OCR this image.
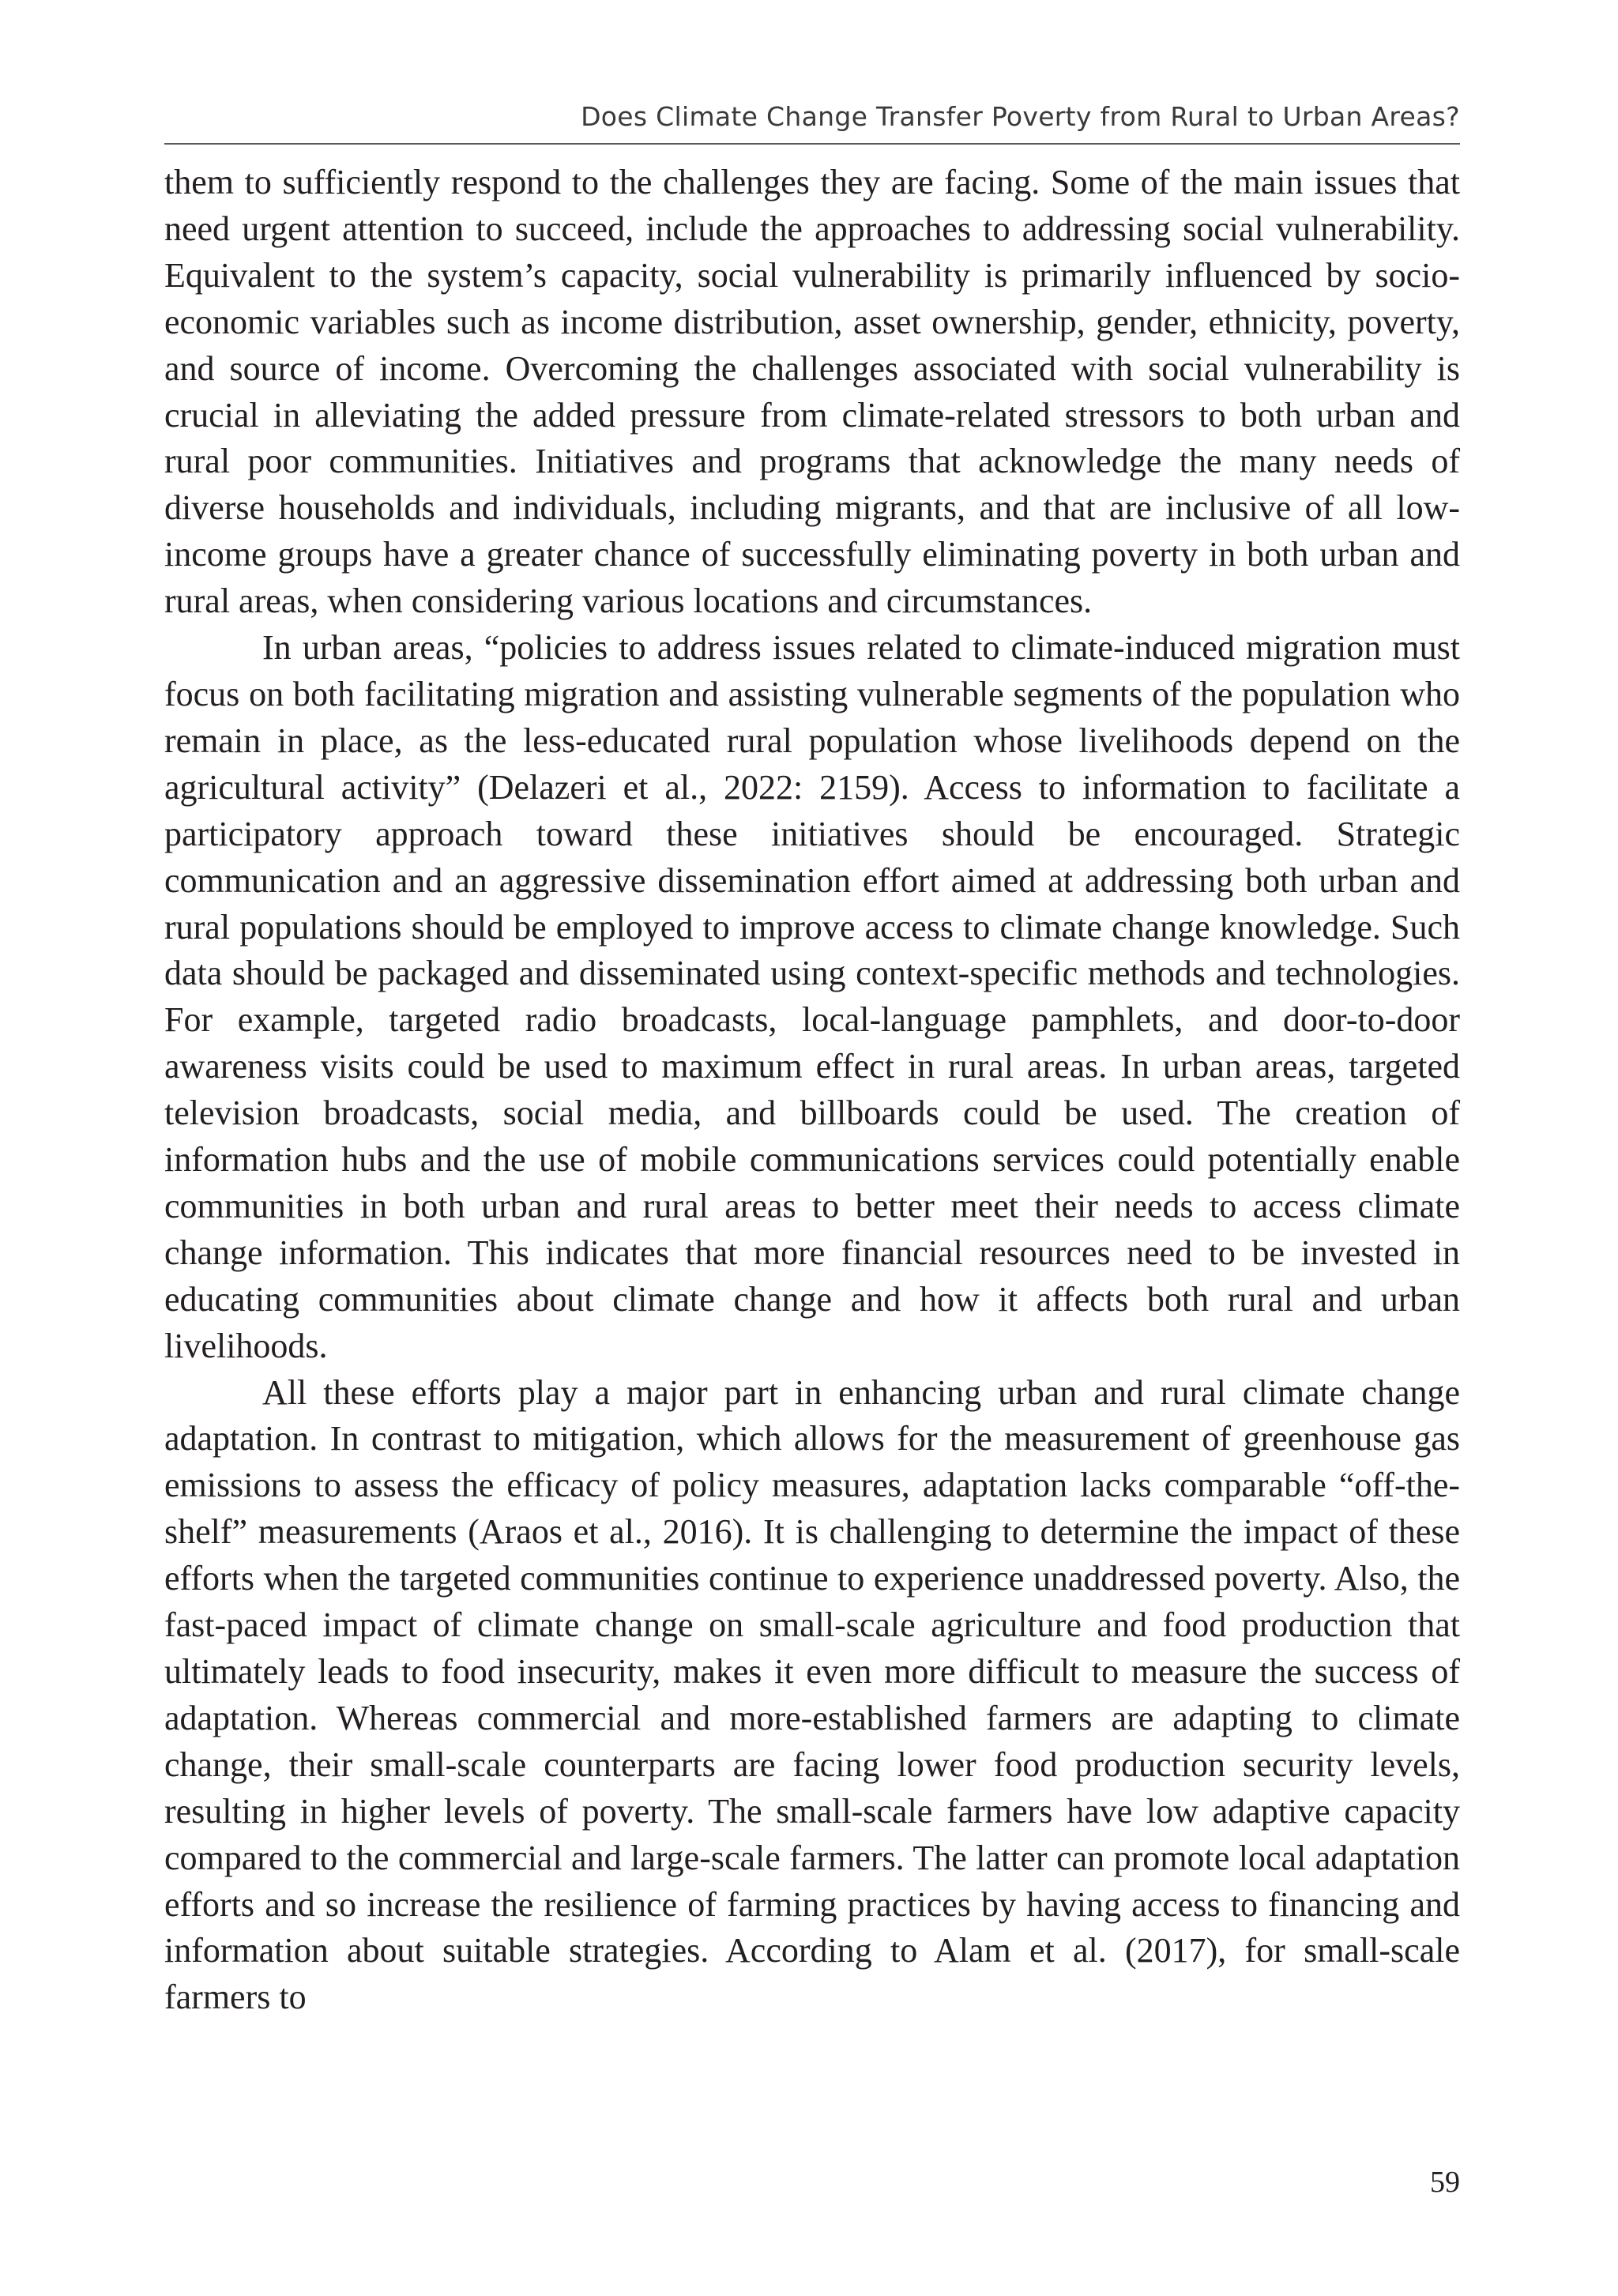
Does Climate Change Transfer Poverty from Rural to Urban Areas?

them to sufficiently respond to the challenges they are facing. Some of the main issues that need urgent attention to succeed, include the approaches to addressing social vulnerability. Equivalent to the system’s capacity, social vulnerability is primarily influenced by socio-economic variables such as income distribution, asset ownership, gender, ethnicity, poverty, and source of income. Overcoming the challenges associated with social vulnerability is crucial in alleviating the added pressure from climate-related stressors to both urban and rural poor communities. Initiatives and programs that acknowledge the many needs of diverse households and individuals, including migrants, and that are inclusive of all low-income groups have a greater chance of successfully eliminating poverty in both urban and rural areas, when considering various locations and circumstances.

In urban areas, “policies to address issues related to climate-induced migration must focus on both facilitating migration and assisting vulnerable segments of the population who remain in place, as the less-educated rural population whose livelihoods depend on the agricultural activity” (Delazeri et al., 2022: 2159). Access to information to facilitate a participatory approach toward these initiatives should be encouraged. Strategic communication and an aggressive dissemination effort aimed at addressing both urban and rural populations should be employed to improve access to climate change knowledge. Such data should be packaged and disseminated using context-specific methods and technologies. For example, targeted radio broadcasts, local-language pamphlets, and door-to-door awareness visits could be used to maximum effect in rural areas. In urban areas, targeted television broadcasts, social media, and billboards could be used. The creation of information hubs and the use of mobile communications services could potentially enable communities in both urban and rural areas to better meet their needs to access climate change information. This indicates that more financial resources need to be invested in educating communities about climate change and how it affects both rural and urban livelihoods.

All these efforts play a major part in enhancing urban and rural climate change adaptation. In contrast to mitigation, which allows for the measurement of greenhouse gas emissions to assess the efficacy of policy measures, adaptation lacks comparable “off-the-shelf” measurements (Araos et al., 2016). It is challenging to determine the impact of these efforts when the targeted communities continue to experience unaddressed poverty. Also, the fast-paced impact of climate change on small-scale agriculture and food production that ultimately leads to food insecurity, makes it even more difficult to measure the success of adaptation. Whereas commercial and more-established farmers are adapting to climate change, their small-scale counterparts are facing lower food production security levels, resulting in higher levels of poverty. The small-scale farmers have low adaptive capacity compared to the commercial and large-scale farmers. The latter can promote local adaptation efforts and so increase the resilience of farming practices by having access to financing and information about suitable strategies. According to Alam et al. (2017), for small-scale farmers to

59
